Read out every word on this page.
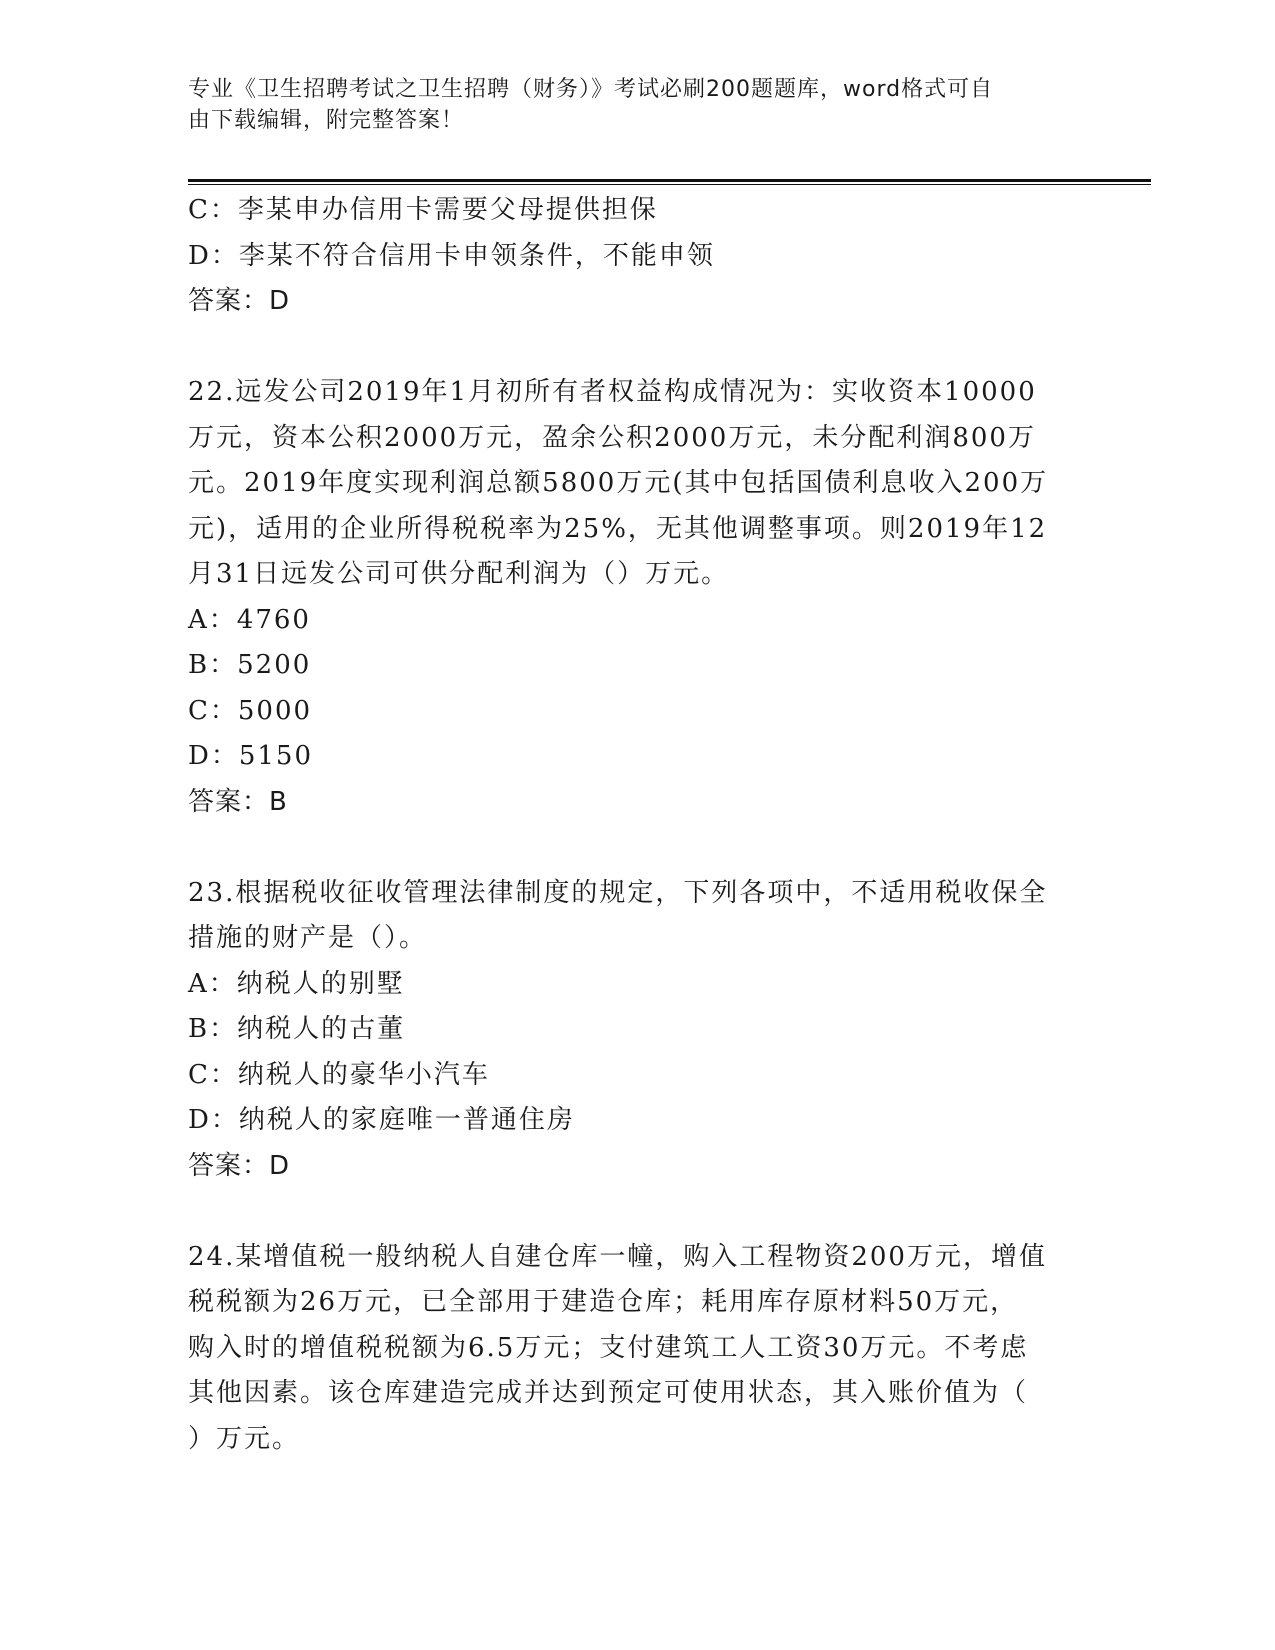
专业《卫生招聘考试之卫生招聘（财务）》考试必刷200题题库，word格式可自
由下载编辑，附完整答案！
C：李某申办信用卡需要父母提供担保
D：李某不符合信用卡申领条件，不能申领
答案：D
22.远发公司2019年1月初所有者权益构成情况为：实收资本10000
万元，资本公积2000万元，盈余公积2000万元，未分配利润800万
元。2019年度实现利润总额5800万元(其中包括国债利息收入200万
元)，适用的企业所得税税率为25%，无其他调整事项。则2019年12
月31日远发公司可供分配利润为（）万元。
A：4760
B：5200
C：5000
D：5150
答案：B
23.根据税收征收管理法律制度的规定，下列各项中，不适用税收保全
措施的财产是（）。
A：纳税人的别墅
B：纳税人的古董
C：纳税人的豪华小汽车
D：纳税人的家庭唯一普通住房
答案：D
24.某增值税一般纳税人自建仓库一幢，购入工程物资200万元，增值
税税额为26万元，已全部用于建造仓库；耗用库存原材料50万元，
购入时的增值税税额为6.5万元；支付建筑工人工资30万元。不考虑
其他因素。该仓库建造完成并达到预定可使用状态，其入账价值为（
）万元。
